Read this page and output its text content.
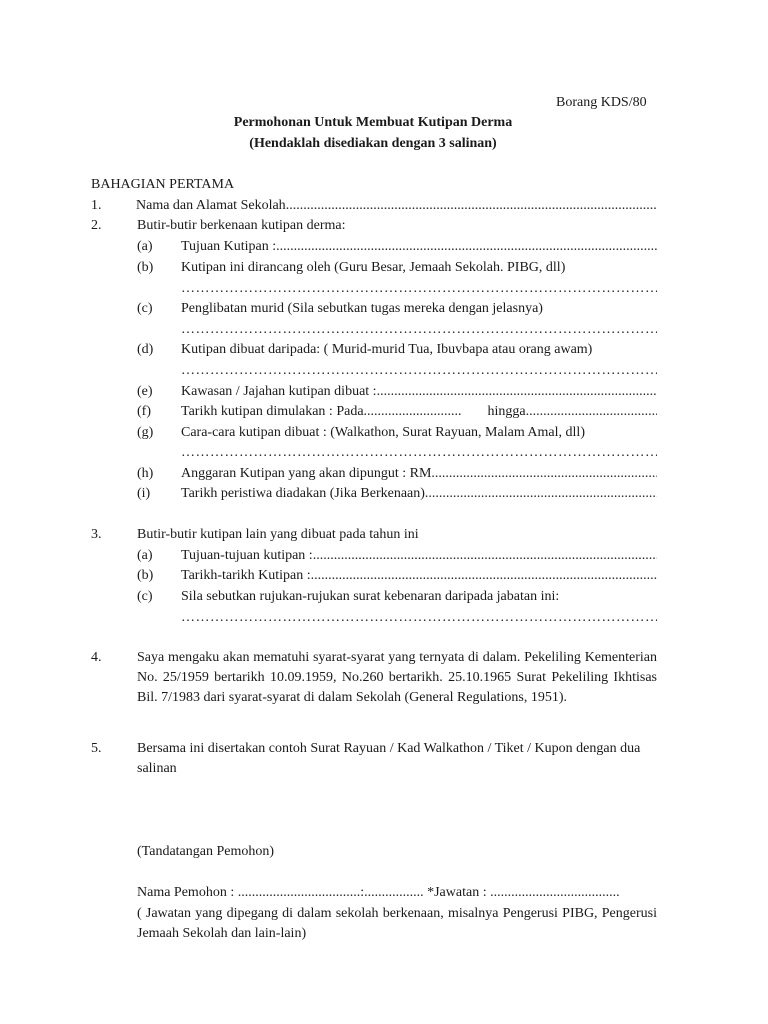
Borang KDS/80
Permohonan Untuk Membuat Kutipan Derma
(Hendaklah disediakan dengan 3 salinan)
BAHAGIAN PERTAMA
1. Nama dan Alamat Sekolah
.....
2.	Butir-butir berkenaan kutipan derma:
(a) Tujuan Kutipan :
.....
(b) Kutipan ini dirancang oleh (Guru Besar, Jemaah Sekolah. PIBG, dll)
………………………………………………………………………………………………………………………………………………………………………………
(c) Penglibatan murid (Sila sebutkan tugas mereka dengan jelasnya)
………………………………………………………………………………………………………………………………………………………………………………
(d) Kutipan dibuat daripada: ( Murid-murid Tua, Ibuvbapa atau orang awam)
………………………………………………………………………………………………………………………………………………………………………………
(e) Kawasan / Jajahan kutipan dibuat :
.....
(f) Tarikh kutipan dimulakan : Pada ............................	hingga
.....
(g) Cara-cara kutipan dibuat : (Walkathon, Surat Rayuan, Malam Amal, dll)
………………………………………………………………………………………………………………………………………………………………………………
(h) Anggaran Kutipan yang akan dipungut : RM
.....
(i) Tarikh peristiwa diadakan (Jika Berkenaan)
.....
3.	Butir-butir kutipan lain yang dibuat pada tahun ini
(a) Tujuan-tujuan kutipan :
.....
(b) Tarikh-tarikh Kutipan :
.....
(c) Sila sebutkan rujukan-rujukan surat kebenaran daripada jabatan ini:
………………………………………………………………………………………………………………………………………………………………………………
4.	Saya mengaku akan mematuhi syarat-syarat yang ternyata di dalam. Pekeliling Kementerian No. 25/1959 bertarikh 10.09.1959, No.260 bertarikh. 25.10.1965 Surat Pekeliling Ikhtisas Bil. 7/1983 dari syarat-syarat di dalam Sekolah (General Regulations, 1951).
5.	Bersama ini disertakan contoh Surat Rayuan / Kad Walkathon / Tiket / Kupon dengan dua salinan
(Tandatangan Pemohon)
Nama Pemohon : ...................................:................. *Jawatan : .....................................
( Jawatan yang dipegang di dalam sekolah berkenaan, misalnya Pengerusi PIBG, Pengerusi Jemaah Sekolah dan lain-lain)
